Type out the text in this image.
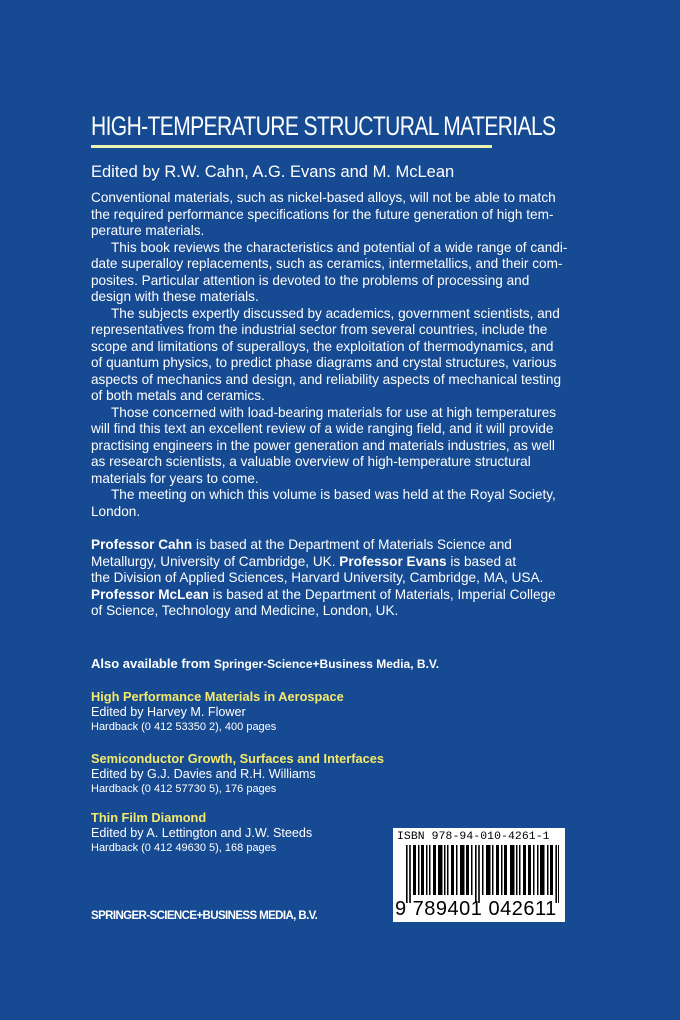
HIGH-TEMPERATURE STRUCTURAL MATERIALS
Edited by R.W. Cahn, A.G. Evans and M. McLean

Conventional materials, such as nickel-based alloys, will not be able to match

the required performance specifications for the future generation of high tem-

perature materials.

This book reviews the characteristics and potential of a wide range of candi-

date superalloy replacements, such as ceramics, intermetallics, and their com-

posites. Particular attention is devoted to the problems of processing and

design with these materials.

The subjects expertly discussed by academics, government scientists, and

representatives from the industrial sector from several countries, include the

scope and limitations of superalloys, the exploitation of thermodynamics, and

of quantum physics, to predict phase diagrams and crystal structures, various

aspects of mechanics and design, and reliability aspects of mechanical testing

of both metals and ceramics.

Those concerned with load-bearing materials for use at high temperatures

will find this text an excellent review of a wide ranging field, and it will provide

practising engineers in the power generation and materials industries, as well

as research scientists, a valuable overview of high-temperature structural

materials for years to come.

The meeting on which this volume is based was held at the Royal Society,

London.

Professor Cahn is based at the Department of Materials Science and

Metallurgy, University of Cambridge, UK. Professor Evans is based at

the Division of Applied Sciences, Harvard University, Cambridge, MA, USA.

Professor McLean is based at the Department of Materials, Imperial College

of Science, Technology and Medicine, London, UK.

Also available from Springer-Science+Business Media, B.V.
High Performance Materials in Aerospace
Edited by Harvey M. Flower
Hardback (0 412 53350 2), 400 pages
Semiconductor Growth, Surfaces and Interfaces
Edited by G.J. Davies and R.H. Williams
Hardback (0 412 57730 5), 176 pages
Thin Film Diamond
Edited by A. Lettington and J.W. Steeds
Hardback (0 412 49630 5), 168 pages
SPRINGER-SCIENCE+BUSINESS MEDIA, B.V.
ISBN 978-94-010-4261-1
9 789401 042611
